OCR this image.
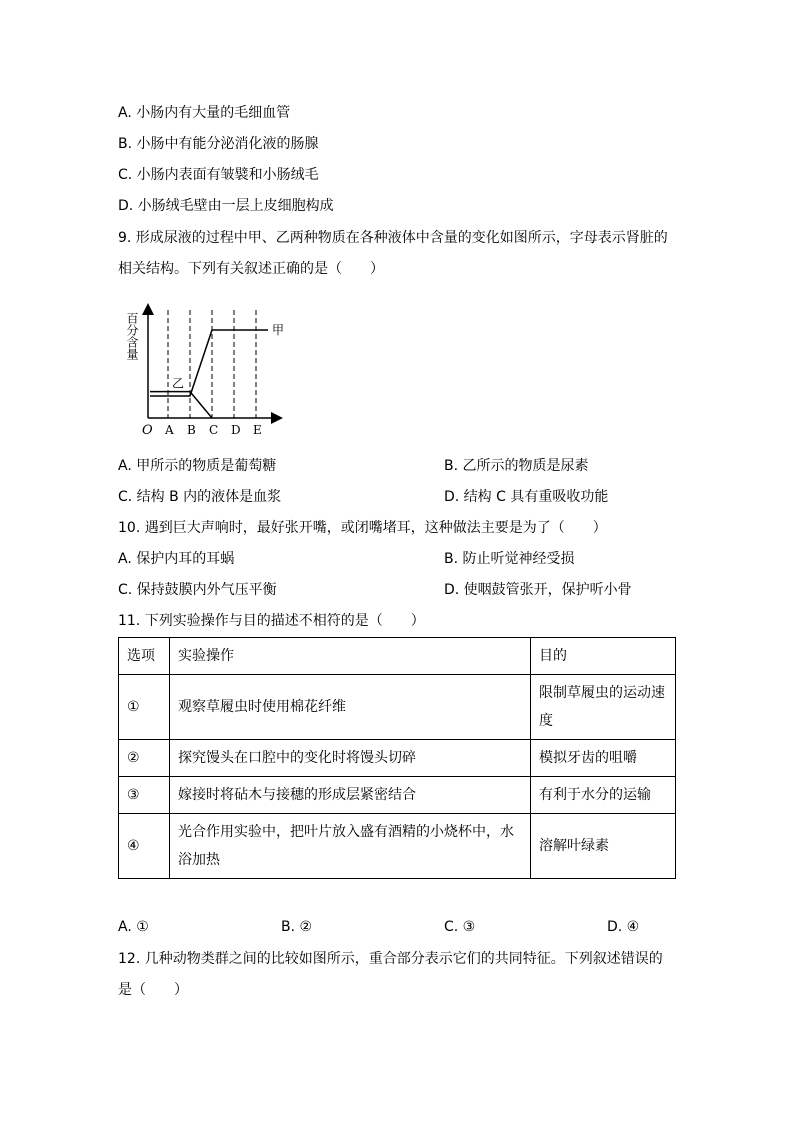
A. 小肠内有大量的毛细血管
B. 小肠中有能分泌消化液的肠腺
C. 小肠内表面有皱襞和小肠绒毛
D. 小肠绒毛壁由一层上皮细胞构成
9. 形成尿液的过程中甲、乙两种物质在各种液体中含量的变化如图所示，字母表示肾脏的
相关结构。下列有关叙述正确的是（　　）
百分含量
O A B C D E
甲
乙
A. 甲所示的物质是葡萄糖	B. 乙所示的物质是尿素
C. 结构 B 内的液体是血浆	D. 结构 C 具有重吸收功能
10. 遇到巨大声响时，最好张开嘴，或闭嘴堵耳，这种做法主要是为了（　　）
A. 保护内耳的耳蜗	B. 防止听觉神经受损
C. 保持鼓膜内外气压平衡	D. 使咽鼓管张开，保护听小骨
11. 下列实验操作与目的描述不相符的是（　　）
选项	实验操作	目的
①	观察草履虫时使用棉花纤维	限制草履虫的运动速度
②	探究馒头在口腔中的变化时将馒头切碎	模拟牙齿的咀嚼
③	嫁接时将砧木与接穗的形成层紧密结合	有利于水分的运输
④	光合作用实验中，把叶片放入盛有酒精的小烧杯中，水浴加热	溶解叶绿素
A. ①	B. ②	C. ③	D. ④
12. 几种动物类群之间的比较如图所示，重合部分表示它们的共同特征。下列叙述错误的
是（　　）
